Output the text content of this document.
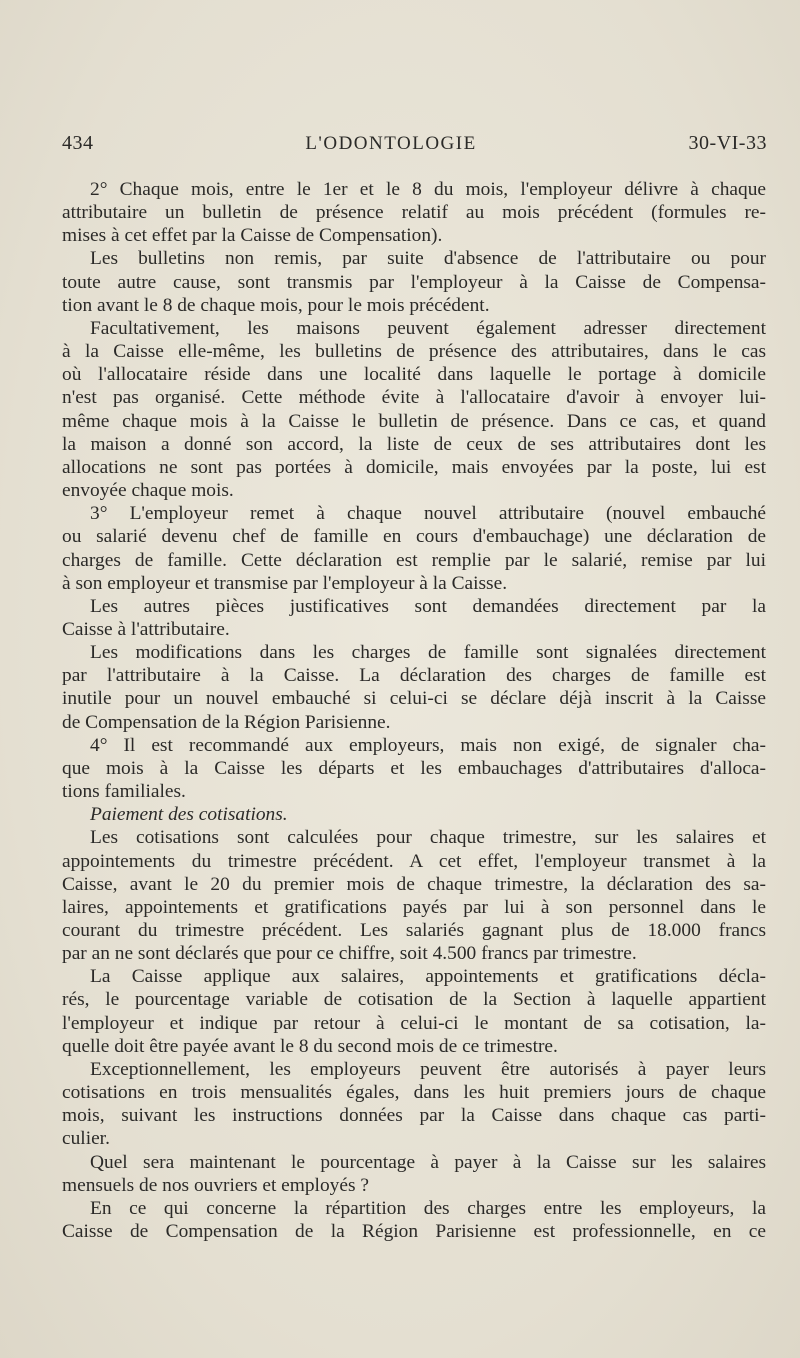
434	L'ODONTOLOGIE	30-VI-33
2° Chaque mois, entre le 1er et le 8 du mois, l'employeur délivre à chaque
attributaire un bulletin de présence relatif au mois précédent (formules re-
mises à cet effet par la Caisse de Compensation).
Les bulletins non remis, par suite d'absence de l'attributaire ou pour
toute autre cause, sont transmis par l'employeur à la Caisse de Compensa-
tion avant le 8 de chaque mois, pour le mois précédent.
Facultativement, les maisons peuvent également adresser directement
à la Caisse elle-même, les bulletins de présence des attributaires, dans le cas
où l'allocataire réside dans une localité dans laquelle le portage à domicile
n'est pas organisé. Cette méthode évite à l'allocataire d'avoir à envoyer lui-
même chaque mois à la Caisse le bulletin de présence. Dans ce cas, et quand
la maison a donné son accord, la liste de ceux de ses attributaires dont les
allocations ne sont pas portées à domicile, mais envoyées par la poste, lui est
envoyée chaque mois.
3° L'employeur remet à chaque nouvel attributaire (nouvel embauché
ou salarié devenu chef de famille en cours d'embauchage) une déclaration de
charges de famille. Cette déclaration est remplie par le salarié, remise par lui
à son employeur et transmise par l'employeur à la Caisse.
Les autres pièces justificatives sont demandées directement par la
Caisse à l'attributaire.
Les modifications dans les charges de famille sont signalées directement
par l'attributaire à la Caisse. La déclaration des charges de famille est
inutile pour un nouvel embauché si celui-ci se déclare déjà inscrit à la Caisse
de Compensation de la Région Parisienne.
4° Il est recommandé aux employeurs, mais non exigé, de signaler cha-
que mois à la Caisse les départs et les embauchages d'attributaires d'alloca-
tions familiales.
Paiement des cotisations.
Les cotisations sont calculées pour chaque trimestre, sur les salaires et
appointements du trimestre précédent. A cet effet, l'employeur transmet à la
Caisse, avant le 20 du premier mois de chaque trimestre, la déclaration des sa-
laires, appointements et gratifications payés par lui à son personnel dans le
courant du trimestre précédent. Les salariés gagnant plus de 18.000 francs
par an ne sont déclarés que pour ce chiffre, soit 4.500 francs par trimestre.
La Caisse applique aux salaires, appointements et gratifications décla-
rés, le pourcentage variable de cotisation de la Section à laquelle appartient
l'employeur et indique par retour à celui-ci le montant de sa cotisation, la-
quelle doit être payée avant le 8 du second mois de ce trimestre.
Exceptionnellement, les employeurs peuvent être autorisés à payer leurs
cotisations en trois mensualités égales, dans les huit premiers jours de chaque
mois, suivant les instructions données par la Caisse dans chaque cas parti-
culier.
Quel sera maintenant le pourcentage à payer à la Caisse sur les salaires
mensuels de nos ouvriers et employés ?
En ce qui concerne la répartition des charges entre les employeurs, la
Caisse de Compensation de la Région Parisienne est professionnelle, en ce
